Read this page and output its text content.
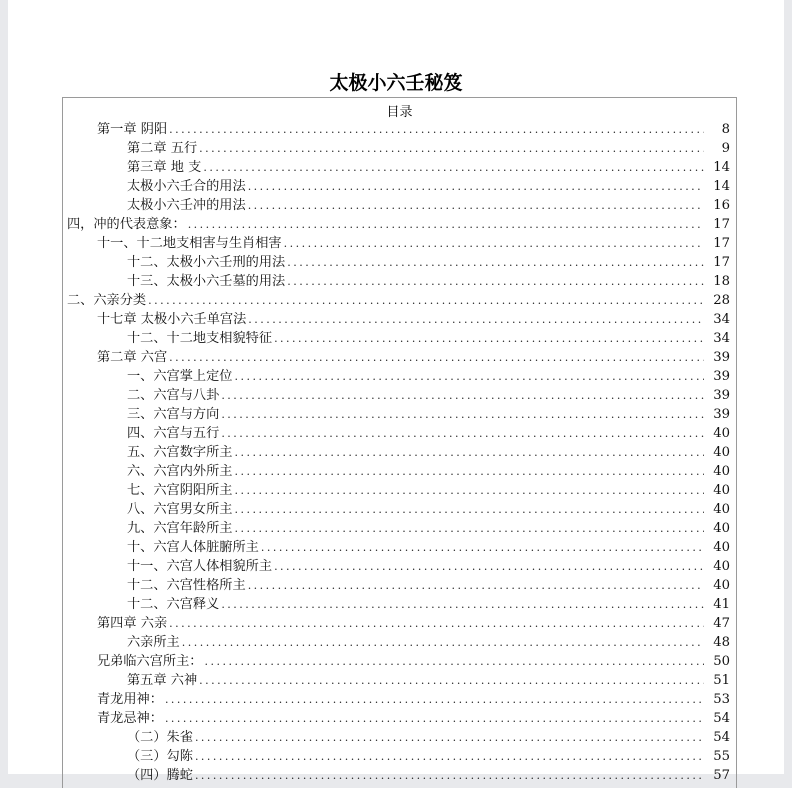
太极小六壬秘笈
目录
第一章 阴阳 . . .	8
第二章 五行 . . .	9
第三章 地 支 . . .	14
太极小六壬合的用法 . . .	14
太极小六壬冲的用法 . . .	16
四，冲的代表意象： . . .	17
十一、十二地支相害与生肖相害 . . .	17
十二、太极小六壬刑的用法 . . .	17
十三、太极小六壬墓的用法 . . .	18
二、六亲分类 . . .	28
十七章 太极小六壬单宫法 . . .	34
十二、十二地支相貌特征 . . .	34
第二章 六宫 . . .	39
一、六宫掌上定位 . . .	39
二、六宫与八卦 . . .	39
三、六宫与方向 . . .	39
四、六宫与五行 . . .	40
五、六宫数字所主 . . .	40
六、六宫内外所主 . . .	40
七、六宫阴阳所主 . . .	40
八、六宫男女所主 . . .	40
九、六宫年龄所主 . . .	40
十、六宫人体脏腑所主 . . .	40
十一、六宫人体相貌所主 . . .	40
十二、六宫性格所主 . . .	40
十二、六宫释义 . . .	41
第四章 六亲 . . .	47
六亲所主 . . .	48
兄弟临六宫所主： . . .	50
第五章 六神 . . .	51
青龙用神： . . .	53
青龙忌神： . . .	54
（二）朱雀 . . .	54
（三）勾陈 . . .	55
（四）腾蛇 . . .	57
